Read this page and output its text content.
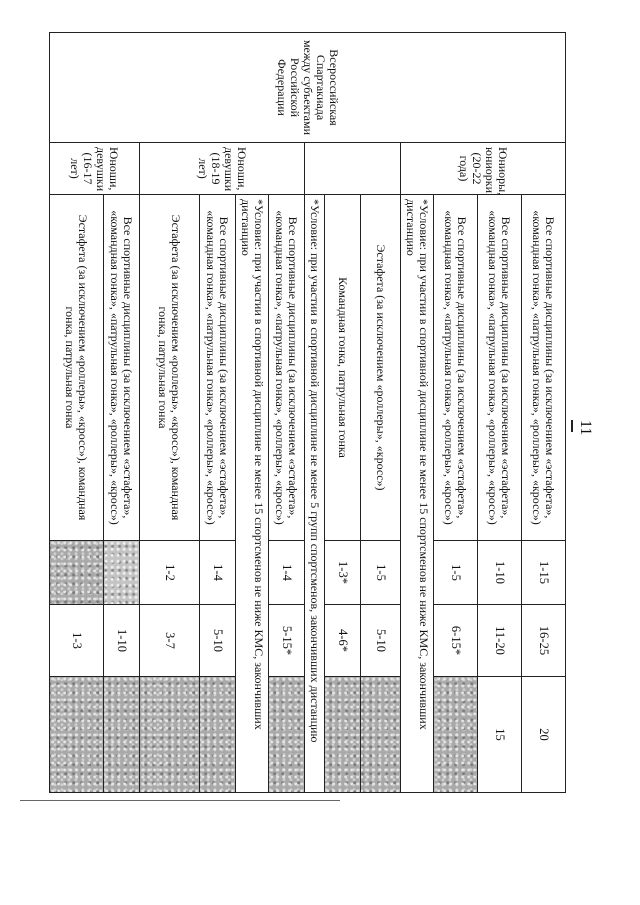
11
Всероссийская Спартакиада между субъектами Российской Федерации	Юниоры, юниорки (20-22 года)	Все спортивные дисциплины (за исключением «эстафета», «командная гонка», «патрульная гонка», «роллеры», «кросс»)	1-15	16-25	20
		Все спортивные дисциплины (за исключением «эстафета», «командная гонка», «патрульная гонка», «роллеры», «кросс»)	1-10	11-20	15
		Все спортивные дисциплины (за исключением «эстафета», «командная гонка», «патрульная гонка», «роллеры», «кросс»)	1-5	6-15*	
		*Условие: при участии в спортивной дисциплине не менее 15 спортсменов не ниже КМС, закончивших дистанцию			
		Эстафета (за исключением «роллеры», «кросс»)	1-5	5-10	
		Командная гонка, патрульная гонка	1-3*	4-6*	
		*Условие: при участии в спортивной дисциплине не менее 5 групп спортсменов, закончивших дистанцию			
	Юноши, девушки (18-19 лет)	Все спортивные дисциплины (за исключением «эстафета», «командная гонка», «патрульная гонка», «роллеры», «кросс»)	1-4	5-15*	
		*Условие: при участии в спортивной дисциплине не менее 15 спортсменов не ниже КМС, закончивших дистанцию			
		Все спортивные дисциплины (за исключением «эстафета», «командная гонка», «патрульная гонка», «роллеры», «кросс»)	1-4	5-10	
		Эстафета (за исключением «роллеры», «кросс»), командная гонка, патрульная гонка	1-2	3-7	
	Юноши, девушки (16-17 лет)	Все спортивные дисциплины (за исключением «эстафета», «командная гонка», «патрульная гонка», «роллеры», «кросс»)		1-10	
		Эстафета (за исключением «роллеры», «кросс»), командная гонка, патрульная гонка		1-3	
